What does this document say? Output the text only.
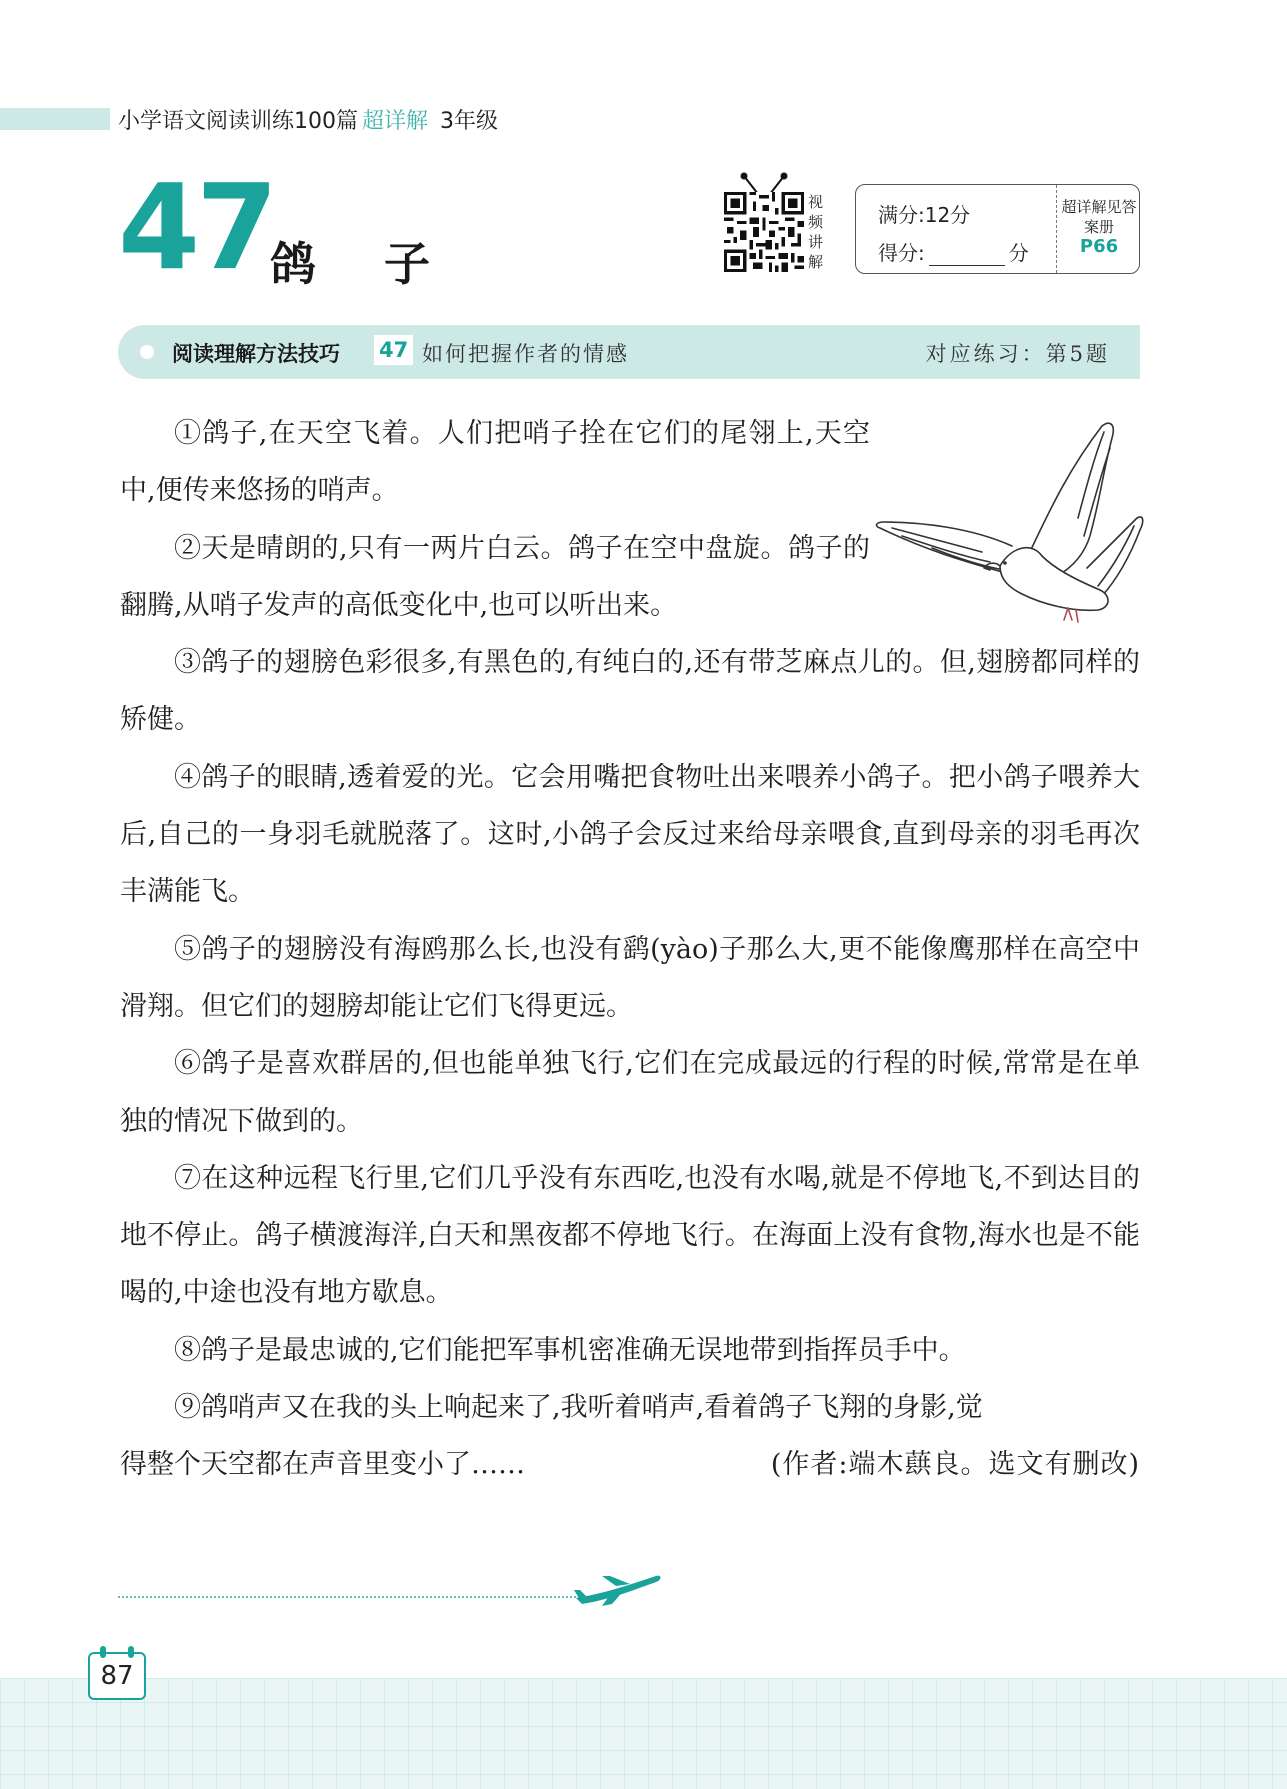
小学语文阅读训练100篇 超详解 3年级
47
鸽 子
视频讲解
满分:12分
得分:	分
超详解见答案册
P66
阅读理解方法技巧 47 如何把握作者的情感	对应练习：第5题

①鸽子,在天空飞着。人们把哨子拴在它们的尾翎上,天空中,便传来悠扬的哨声。

②天是晴朗的,只有一两片白云。鸽子在空中盘旋。鸽子的翻腾,从哨子发声的高低变化中,也可以听出来。

③鸽子的翅膀色彩很多,有黑色的,有纯白的,还有带芝麻点儿的。但,翅膀都同样的矫健。

④鸽子的眼睛,透着爱的光。它会用嘴把食物吐出来喂养小鸽子。把小鸽子喂养大后,自己的一身羽毛就脱落了。这时,小鸽子会反过来给母亲喂食,直到母亲的羽毛再次丰满能飞。

⑤鸽子的翅膀没有海鸥那么长,也没有鹞(yào)子那么大,更不能像鹰那样在高空中滑翔。但它们的翅膀却能让它们飞得更远。

⑥鸽子是喜欢群居的,但也能单独飞行,它们在完成最远的行程的时候,常常是在单独的情况下做到的。

⑦在这种远程飞行里,它们几乎没有东西吃,也没有水喝,就是不停地飞,不到达目的地不停止。鸽子横渡海洋,白天和黑夜都不停地飞行。在海面上没有食物,海水也是不能喝的,中途也没有地方歇息。

⑧鸽子是最忠诚的,它们能把军事机密准确无误地带到指挥员手中。

⑨鸽哨声又在我的头上响起来了,我听着哨声,看着鸽子飞翔的身影,觉

得整个天空都在声音里变小了……	(作者:端木蕻良。选文有删改)
87
